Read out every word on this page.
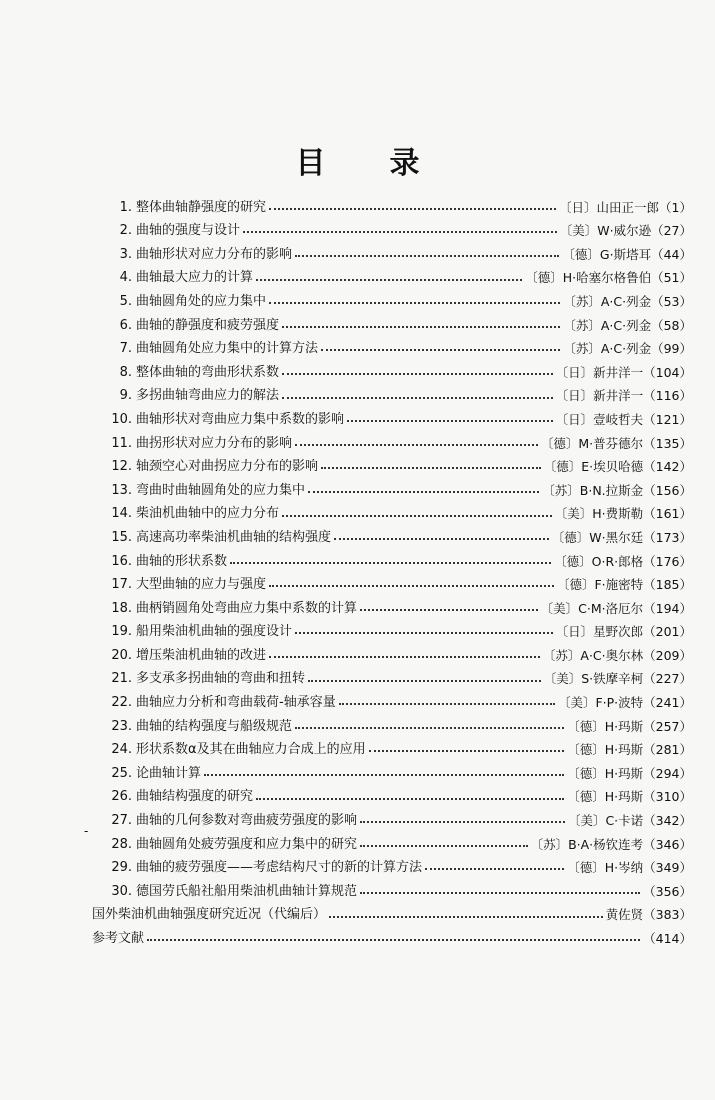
目 录
1. 整体曲轴静强度的研究	〔日〕山田正一郎（1）
2. 曲轴的强度与设计	〔美〕W·威尔逊（27）
3. 曲轴形状对应力分布的影响	〔德〕G·斯塔耳（44）
4. 曲轴最大应力的计算	〔德〕H·哈塞尔格鲁伯（51）
5. 曲轴圆角处的应力集中	〔苏〕A·C·列金（53）
6. 曲轴的静强度和疲劳强度	〔苏〕A·C·列金（58）
7. 曲轴圆角处应力集中的计算方法	〔苏〕A·C·列金（99）
8. 整体曲轴的弯曲形状系数	〔日〕新井洋一（104）
9. 多拐曲轴弯曲应力的解法	〔日〕新井洋一（116）
10. 曲轴形状对弯曲应力集中系数的影响	〔日〕壹岐哲夫（121）
11. 曲拐形状对应力分布的影响	〔德〕M·普芬德尔（135）
12. 轴颈空心对曲拐应力分布的影响	〔德〕E·埃贝哈德（142）
13. 弯曲时曲轴圆角处的应力集中	〔苏〕B·N.拉斯金（156）
14. 柴油机曲轴中的应力分布	〔美〕H·费斯勒（161）
15. 高速高功率柴油机曲轴的结构强度	〔德〕W·黑尔廷（173）
16. 曲轴的形状系数	〔德〕O·R·郎格（176）
17. 大型曲轴的应力与强度	〔德〕F·施密特（185）
18. 曲柄销圆角处弯曲应力集中系数的计算	〔美〕C·M·洛厄尔（194）
19. 船用柴油机曲轴的强度设计	〔日〕星野次郎（201）
20. 增压柴油机曲轴的改进	〔苏〕A·C·奥尔林（209）
21. 多支承多拐曲轴的弯曲和扭转	〔美〕S·铁摩辛柯（227）
22. 曲轴应力分析和弯曲载荷-轴承容量	〔美〕F·P·波特（241）
23. 曲轴的结构强度与船级规范	〔德〕H·玛斯（257）
24. 形状系数α及其在曲轴应力合成上的应用	〔德〕H·玛斯（281）
25. 论曲轴计算	〔德〕H·玛斯（294）
26. 曲轴结构强度的研究	〔德〕H·玛斯（310）
27. 曲轴的几何参数对弯曲疲劳强度的影响	〔美〕C·卡诺（342）
28. 曲轴圆角处疲劳强度和应力集中的研究	〔苏〕B·A·杨钦连考（346）
29. 曲轴的疲劳强度——考虑结构尺寸的新的计算方法	〔德〕H·岑纳（349）
30. 德国劳氏船社船用柴油机曲轴计算规范	（356）
国外柴油机曲轴强度研究近况（代编后）	黄佐贤（383）
参考文献	（414）
-
